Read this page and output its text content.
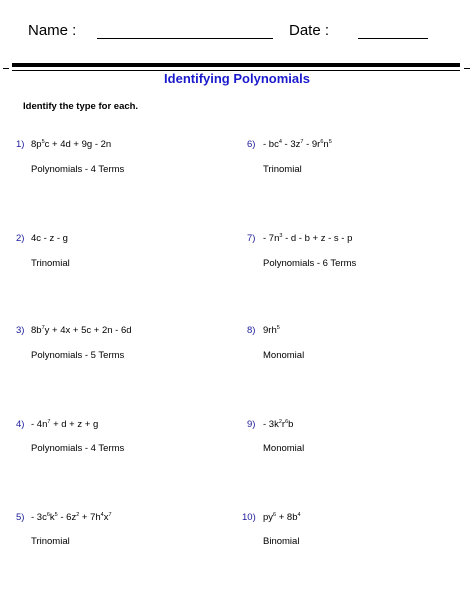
Name :	Date :
Identifying Polynomials
Identify the type for each.
1) $8p^5c + 4d + 9g - 2n$
Polynomials - 4 Terms
2) 4c - z - g
Trinomial
3) $8b^7y + 4x + 5c + 2n - 6d$
Polynomials - 5 Terms
$4) - 4n^7 + d + z + g$
Polynomials - 4 Terms
$5) - 3c^6k^5 - 6z^2 + 7h^4x^7$
Trinomial
$6) - bc^4 - 3z^7 - 9r^6n^5$
Trinomial
$7) - 7n^3 - d - b + z - s - p$
Polynomials - 6 Terms
8) $9rh^5$
Monomial
$9) - 3k^2r^6b$
Monomial
10) $py^6 + 8b^4$
Binomial
